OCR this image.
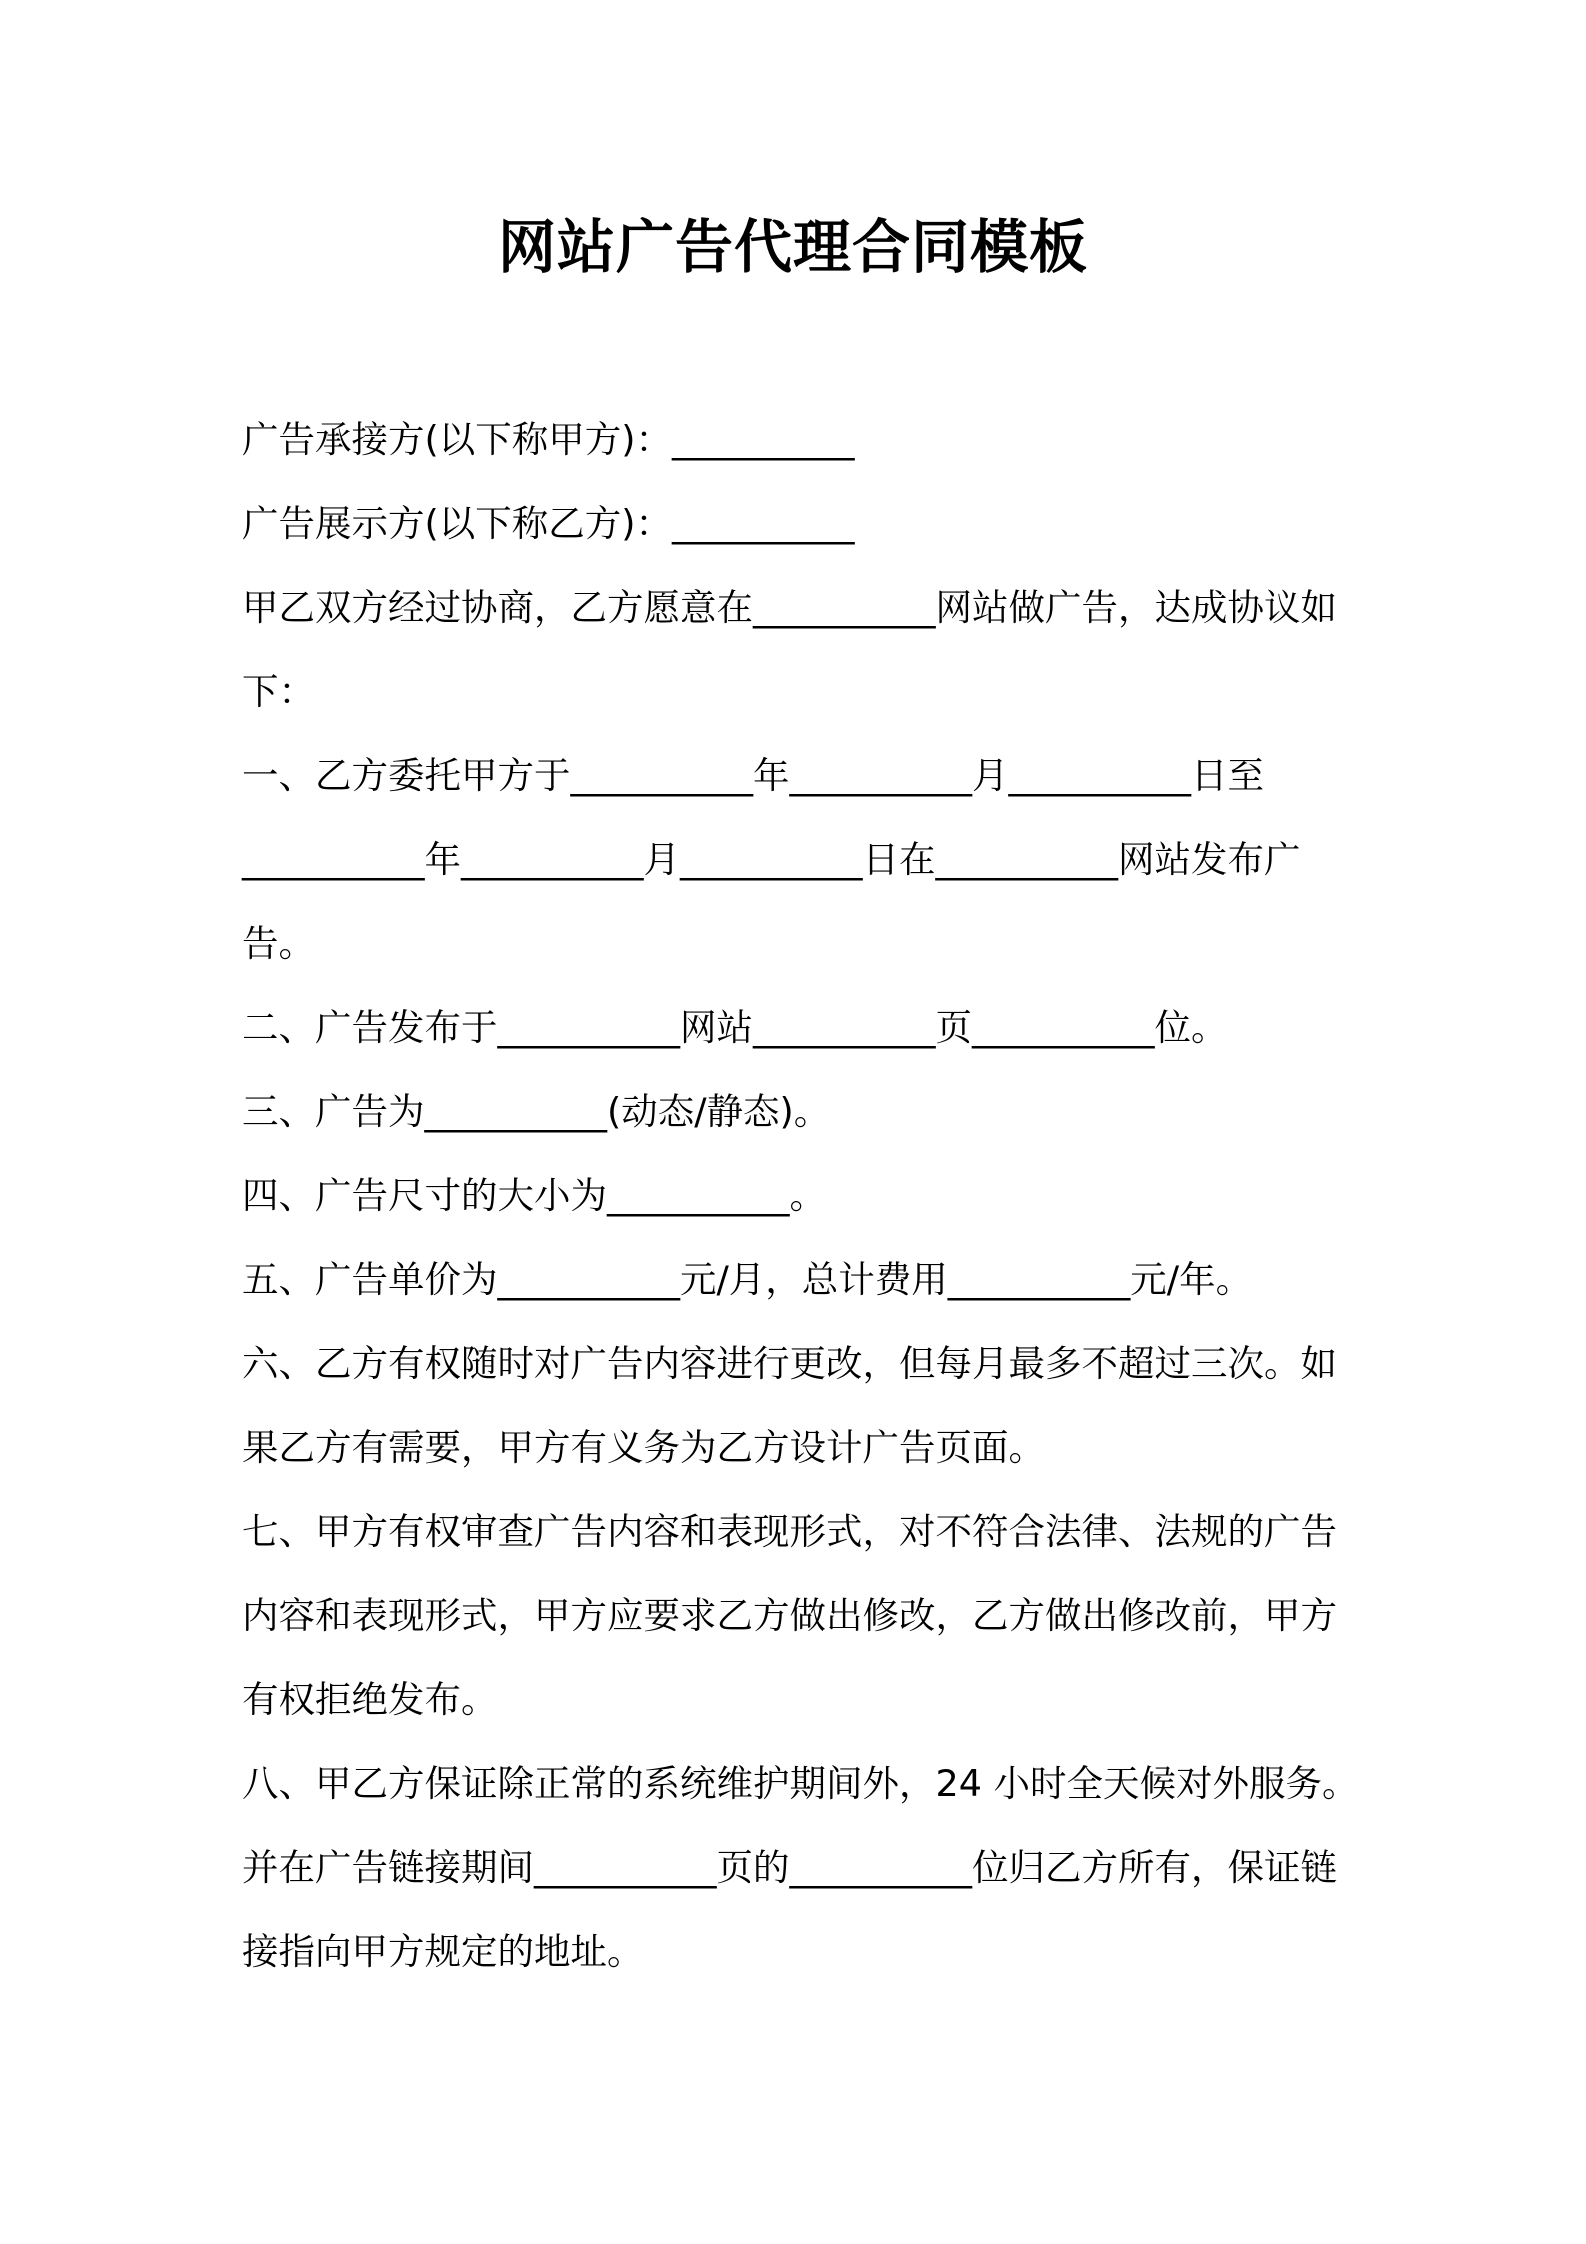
网站广告代理合同模板
广告承接方(以下称甲方)：__________
广告展示方(以下称乙方)：__________
甲乙双方经过协商，乙方愿意在__________网站做广告，达成协议如
下：
一、乙方委托甲方于__________年__________月__________日至
__________年__________月__________日在__________网站发布广
告。
二、广告发布于__________网站__________页__________位。
三、广告为__________(动态/静态)。
四、广告尺寸的大小为__________。
五、广告单价为__________元/月，总计费用__________元/年。
六、乙方有权随时对广告内容进行更改，但每月最多不超过三次。如
果乙方有需要，甲方有义务为乙方设计广告页面。
七、甲方有权审查广告内容和表现形式，对不符合法律、法规的广告
内容和表现形式，甲方应要求乙方做出修改，乙方做出修改前，甲方
有权拒绝发布。
八、甲乙方保证除正常的系统维护期间外，24 小时全天候对外服务。
并在广告链接期间__________页的__________位归乙方所有，保证链
接指向甲方规定的地址。
